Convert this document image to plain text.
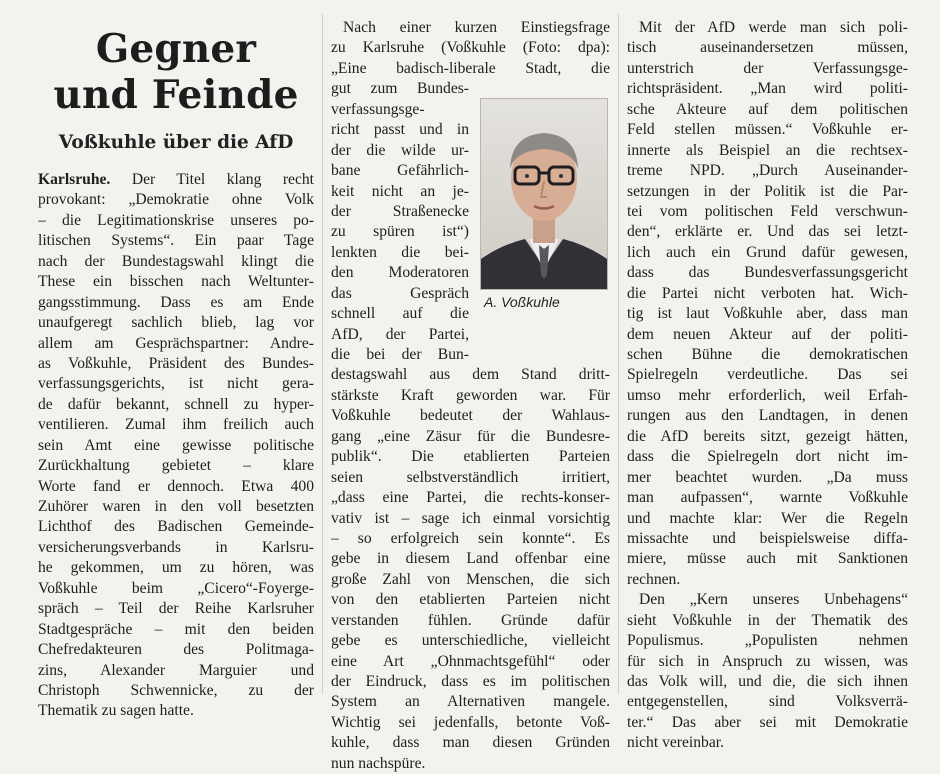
Gegner
und Feinde
Voßkuhle über die AfD
Karlsruhe. Der Titel klang recht
provokant: „Demokratie ohne Volk
– die Legitimationskrise unseres po-
litischen Systems“. Ein paar Tage
nach der Bundestagswahl klingt die
These ein bisschen nach Weltunter-
gangsstimmung. Dass es am Ende
unaufgeregt sachlich blieb, lag vor
allem am Gesprächspartner: Andre-
as Voßkuhle, Präsident des Bundes-
verfassungsgerichts, ist nicht gera-
de dafür bekannt, schnell zu hyper-
ventilieren. Zumal ihm freilich auch
sein Amt eine gewisse politische
Zurückhaltung gebietet – klare
Worte fand er dennoch. Etwa 400
Zuhörer waren in den voll besetzten
Lichthof des Badischen Gemeinde-
versicherungsverbands in Karlsru-
he gekommen, um zu hören, was
Voßkuhle beim „Cicero“-Foyerge-
spräch – Teil der Reihe Karlsruher
Stadtgespräche – mit den beiden
Chefredakteuren des Politmaga-
zins, Alexander Marguier und
Christoph Schwennicke, zu der
Thematik zu sagen hatte.
Nach einer kurzen Einstiegsfrage
zu Karlsruhe (Voßkuhle (Foto: dpa):
„Eine badisch-liberale Stadt, die
gut zum Bundes-
verfassungsge-
richt passt und in
der die wilde ur-
bane Gefährlich-
keit nicht an je-
der Straßenecke
zu spüren ist“)
lenkten die bei-
den Moderatoren
das Gespräch
schnell auf die
AfD, der Partei,
die bei der Bun-
destagswahl aus dem Stand dritt-
stärkste Kraft geworden war. Für
Voßkuhle bedeutet der Wahlaus-
gang „eine Zäsur für die Bundesre-
publik“. Die etablierten Parteien
seien selbstverständlich irritiert,
„dass eine Partei, die rechts-konser-
vativ ist – sage ich einmal vorsichtig
– so erfolgreich sein konnte“. Es
gebe in diesem Land offenbar eine
große Zahl von Menschen, die sich
von den etablierten Parteien nicht
verstanden fühlen. Gründe dafür
gebe es unterschiedliche, vielleicht
eine Art „Ohnmachtsgefühl“ oder
der Eindruck, dass es im politischen
System an Alternativen mangele.
Wichtig sei jedenfalls, betonte Voß-
kuhle, dass man diesen Gründen
nun nachspüre.
A. Voßkuhle
Mit der AfD werde man sich poli-
tisch auseinandersetzen müssen,
unterstrich der Verfassungsge-
richtspräsident. „Man wird politi-
sche Akteure auf dem politischen
Feld stellen müssen.“ Voßkuhle er-
innerte als Beispiel an die rechtsex-
treme NPD. „Durch Auseinander-
setzungen in der Politik ist die Par-
tei vom politischen Feld verschwun-
den“, erklärte er. Und das sei letzt-
lich auch ein Grund dafür gewesen,
dass das Bundesverfassungsgericht
die Partei nicht verboten hat. Wich-
tig ist laut Voßkuhle aber, dass man
dem neuen Akteur auf der politi-
schen Bühne die demokratischen
Spielregeln verdeutliche. Das sei
umso mehr erforderlich, weil Erfah-
rungen aus den Landtagen, in denen
die AfD bereits sitzt, gezeigt hätten,
dass die Spielregeln dort nicht im-
mer beachtet wurden. „Da muss
man aufpassen“, warnte Voßkuhle
und machte klar: Wer die Regeln
missachte und beispielsweise diffa-
miere, müsse auch mit Sanktionen
rechnen.
Den „Kern unseres Unbehagens“
sieht Voßkuhle in der Thematik des
Populismus. „Populisten nehmen
für sich in Anspruch zu wissen, was
das Volk will, und die, die sich ihnen
entgegenstellen, sind Volksverrä-
ter.“ Das aber sei mit Demokratie
nicht vereinbar.
